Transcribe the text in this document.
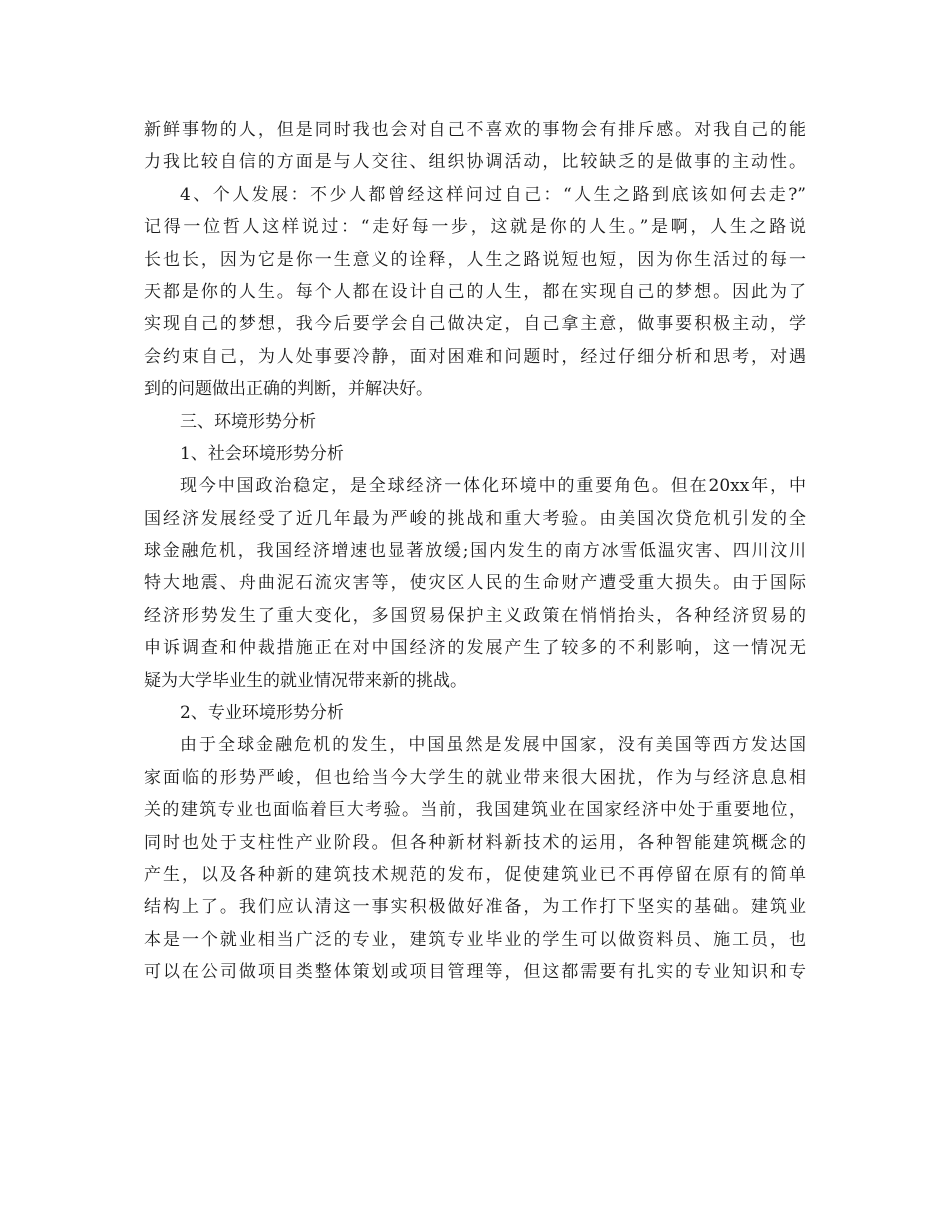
新鲜事物的人，但是同时我也会对自己不喜欢的事物会有排斥感。对我自己的能
力我比较自信的方面是与人交往、组织协调活动，比较缺乏的是做事的主动性。
4、个人发展：不少人都曾经这样问过自己：“人生之路到底该如何去走?”
记得一位哲人这样说过：“走好每一步，这就是你的人生。”是啊，人生之路说
长也长，因为它是你一生意义的诠释，人生之路说短也短，因为你生活过的每一
天都是你的人生。每个人都在设计自己的人生，都在实现自己的梦想。因此为了
实现自己的梦想，我今后要学会自己做决定，自己拿主意，做事要积极主动，学
会约束自己，为人处事要冷静，面对困难和问题时，经过仔细分析和思考，对遇
到的问题做出正确的判断，并解决好。
三、环境形势分析
1、社会环境形势分析
现今中国政治稳定，是全球经济一体化环境中的重要角色。但在20xx年，中
国经济发展经受了近几年最为严峻的挑战和重大考验。由美国次贷危机引发的全
球金融危机，我国经济增速也显著放缓;国内发生的南方冰雪低温灾害、四川汶川
特大地震、舟曲泥石流灾害等，使灾区人民的生命财产遭受重大损失。由于国际
经济形势发生了重大变化，多国贸易保护主义政策在悄悄抬头，各种经济贸易的
申诉调查和仲裁措施正在对中国经济的发展产生了较多的不利影响，这一情况无
疑为大学毕业生的就业情况带来新的挑战。
2、专业环境形势分析
由于全球金融危机的发生，中国虽然是发展中国家，没有美国等西方发达国
家面临的形势严峻，但也给当今大学生的就业带来很大困扰，作为与经济息息相
关的建筑专业也面临着巨大考验。当前，我国建筑业在国家经济中处于重要地位，
同时也处于支柱性产业阶段。但各种新材料新技术的运用，各种智能建筑概念的
产生，以及各种新的建筑技术规范的发布，促使建筑业已不再停留在原有的简单
结构上了。我们应认清这一事实积极做好准备，为工作打下坚实的基础。建筑业
本是一个就业相当广泛的专业，建筑专业毕业的学生可以做资料员、施工员，也
可以在公司做项目类整体策划或项目管理等，但这都需要有扎实的专业知识和专
